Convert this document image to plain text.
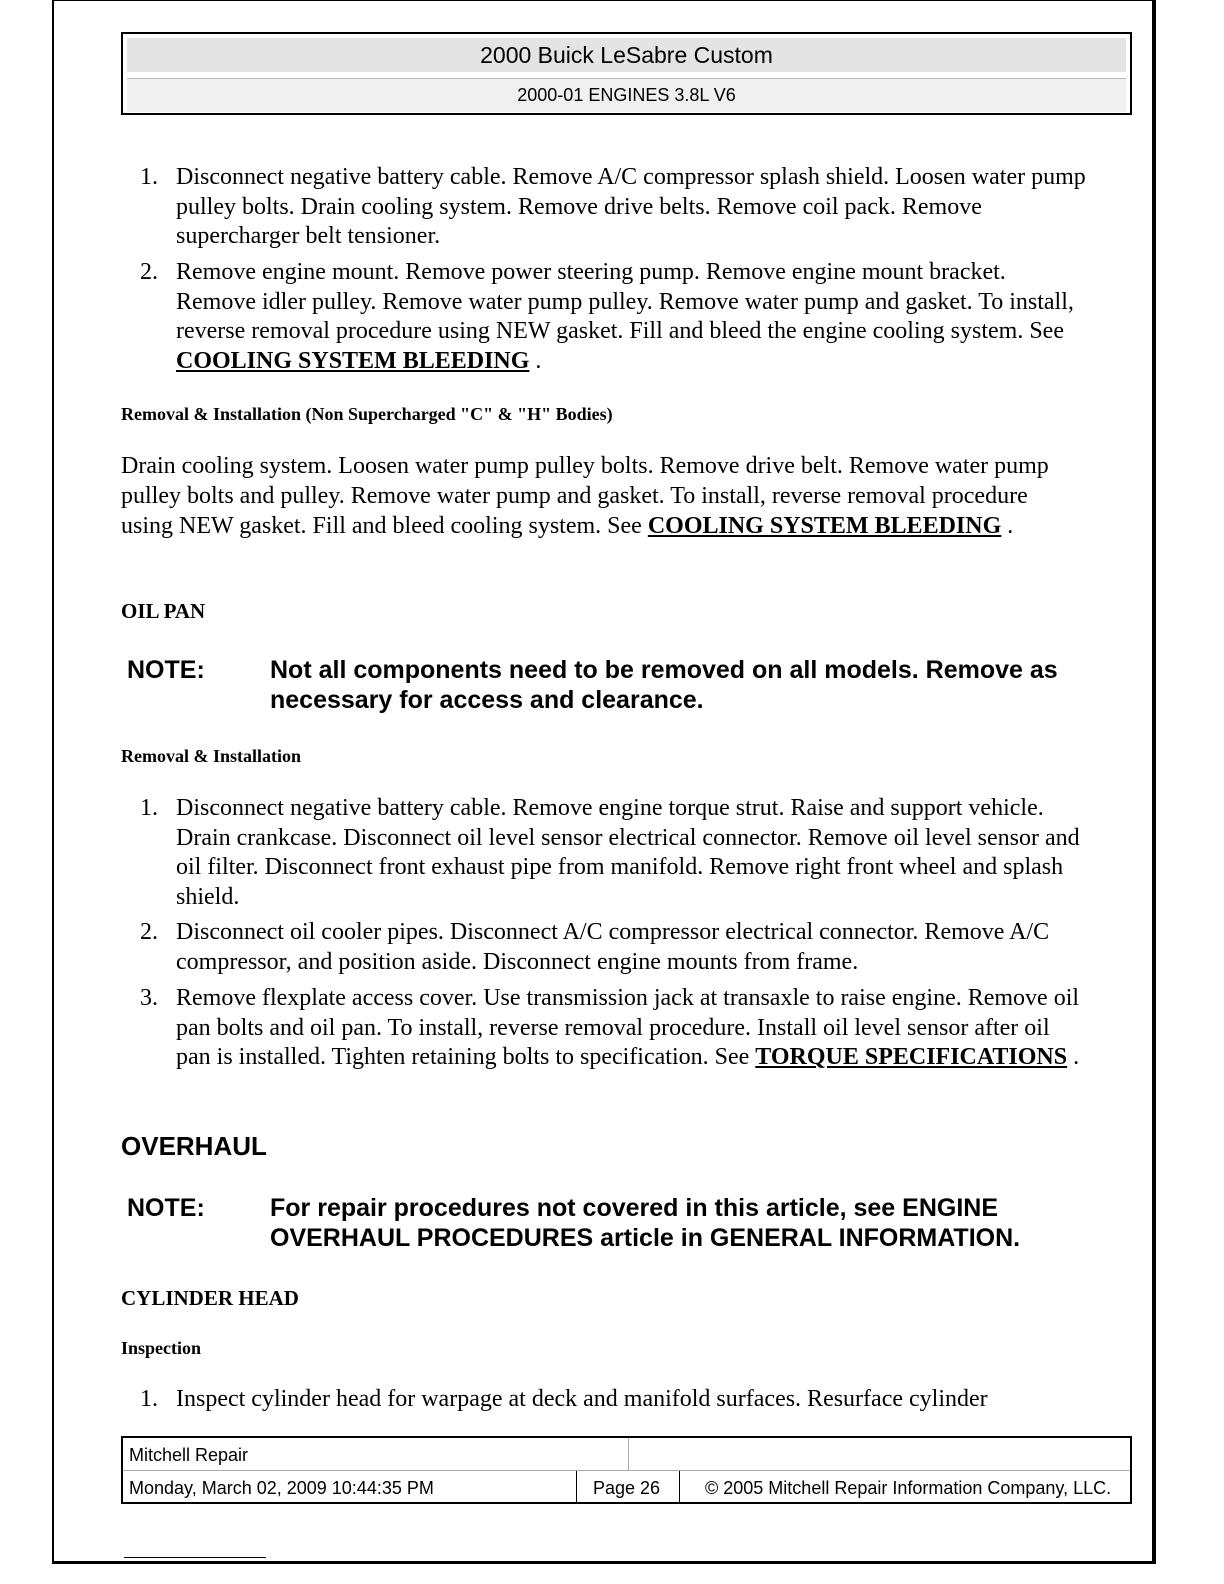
2000 Buick LeSabre Custom
2000-01 ENGINES 3.8L V6
1. Disconnect negative battery cable. Remove A/C compressor splash shield. Loosen water pump pulley bolts. Drain cooling system. Remove drive belts. Remove coil pack. Remove supercharger belt tensioner.
2. Remove engine mount. Remove power steering pump. Remove engine mount bracket. Remove idler pulley. Remove water pump pulley. Remove water pump and gasket. To install, reverse removal procedure using NEW gasket. Fill and bleed the engine cooling system. See COOLING SYSTEM BLEEDING .
Removal & Installation (Non Supercharged "C" & "H" Bodies)
Drain cooling system. Loosen water pump pulley bolts. Remove drive belt. Remove water pump pulley bolts and pulley. Remove water pump and gasket. To install, reverse removal procedure using NEW gasket. Fill and bleed cooling system. See COOLING SYSTEM BLEEDING .
OIL PAN
NOTE:	Not all components need to be removed on all models. Remove as necessary for access and clearance.
Removal & Installation
1. Disconnect negative battery cable. Remove engine torque strut. Raise and support vehicle. Drain crankcase. Disconnect oil level sensor electrical connector. Remove oil level sensor and oil filter. Disconnect front exhaust pipe from manifold. Remove right front wheel and splash shield.
2. Disconnect oil cooler pipes. Disconnect A/C compressor electrical connector. Remove A/C compressor, and position aside. Disconnect engine mounts from frame.
3. Remove flexplate access cover. Use transmission jack at transaxle to raise engine. Remove oil pan bolts and oil pan. To install, reverse removal procedure. Install oil level sensor after oil pan is installed. Tighten retaining bolts to specification. See TORQUE SPECIFICATIONS .
OVERHAUL
NOTE:	For repair procedures not covered in this article, see ENGINE OVERHAUL PROCEDURES article in GENERAL INFORMATION.
CYLINDER HEAD
Inspection
1. Inspect cylinder head for warpage at deck and manifold surfaces. Resurface cylinder
Mitchell Repair
Monday, March 02, 2009 10:44:35 PM	Page 26	© 2005 Mitchell Repair Information Company, LLC.
